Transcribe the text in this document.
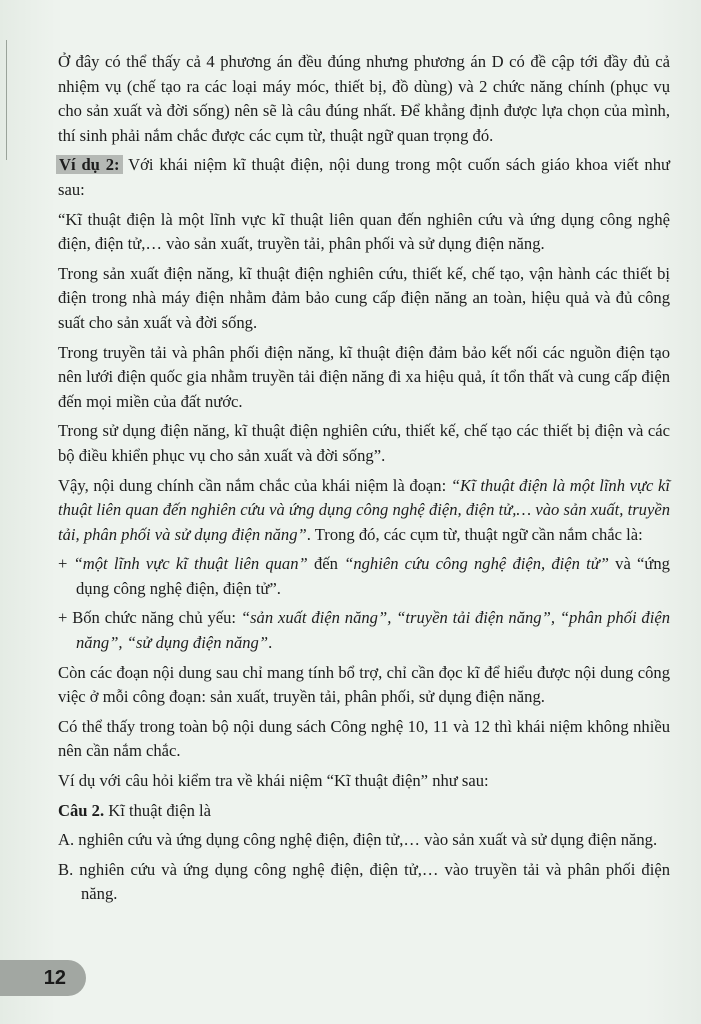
Ở đây có thể thấy cả 4 phương án đều đúng nhưng phương án D có đề cập tới đầy đủ cả nhiệm vụ (chế tạo ra các loại máy móc, thiết bị, đồ dùng) và 2 chức năng chính (phục vụ cho sản xuất và đời sống) nên sẽ là câu đúng nhất. Để khẳng định được lựa chọn của mình, thí sinh phải nắm chắc được các cụm từ, thuật ngữ quan trọng đó.

Ví dụ 2: Với khái niệm kĩ thuật điện, nội dung trong một cuốn sách giáo khoa viết như sau:

“Kĩ thuật điện là một lĩnh vực kĩ thuật liên quan đến nghiên cứu và ứng dụng công nghệ điện, điện tử,… vào sản xuất, truyền tải, phân phối và sử dụng điện năng.

Trong sản xuất điện năng, kĩ thuật điện nghiên cứu, thiết kế, chế tạo, vận hành các thiết bị điện trong nhà máy điện nhằm đảm bảo cung cấp điện năng an toàn, hiệu quả và đủ công suất cho sản xuất và đời sống.

Trong truyền tải và phân phối điện năng, kĩ thuật điện đảm bảo kết nối các nguồn điện tạo nên lưới điện quốc gia nhằm truyền tải điện năng đi xa hiệu quả, ít tổn thất và cung cấp điện đến mọi miền của đất nước.

Trong sử dụng điện năng, kĩ thuật điện nghiên cứu, thiết kế, chế tạo các thiết bị điện và các bộ điều khiển phục vụ cho sản xuất và đời sống”.

Vậy, nội dung chính cần nắm chắc của khái niệm là đoạn: “Kĩ thuật điện là một lĩnh vực kĩ thuật liên quan đến nghiên cứu và ứng dụng công nghệ điện, điện tử,… vào sản xuất, truyền tải, phân phối và sử dụng điện năng”. Trong đó, các cụm từ, thuật ngữ cần nắm chắc là:

+ “một lĩnh vực kĩ thuật liên quan” đến “nghiên cứu công nghệ điện, điện tử” và “ứng dụng công nghệ điện, điện tử”.

+ Bốn chức năng chủ yếu: “sản xuất điện năng”, “truyền tải điện năng”, “phân phối điện năng”, “sử dụng điện năng”.

Còn các đoạn nội dung sau chỉ mang tính bổ trợ, chỉ cần đọc kĩ để hiểu được nội dung công việc ở mỗi công đoạn: sản xuất, truyền tải, phân phối, sử dụng điện năng.

Có thể thấy trong toàn bộ nội dung sách Công nghệ 10, 11 và 12 thì khái niệm không nhiều nên cần nắm chắc.

Ví dụ với câu hỏi kiểm tra về khái niệm “Kĩ thuật điện” như sau:

Câu 2. Kĩ thuật điện là

A. nghiên cứu và ứng dụng công nghệ điện, điện tử,… vào sản xuất và sử dụng điện năng.

B. nghiên cứu và ứng dụng công nghệ điện, điện tử,… vào truyền tải và phân phối điện năng.

12
